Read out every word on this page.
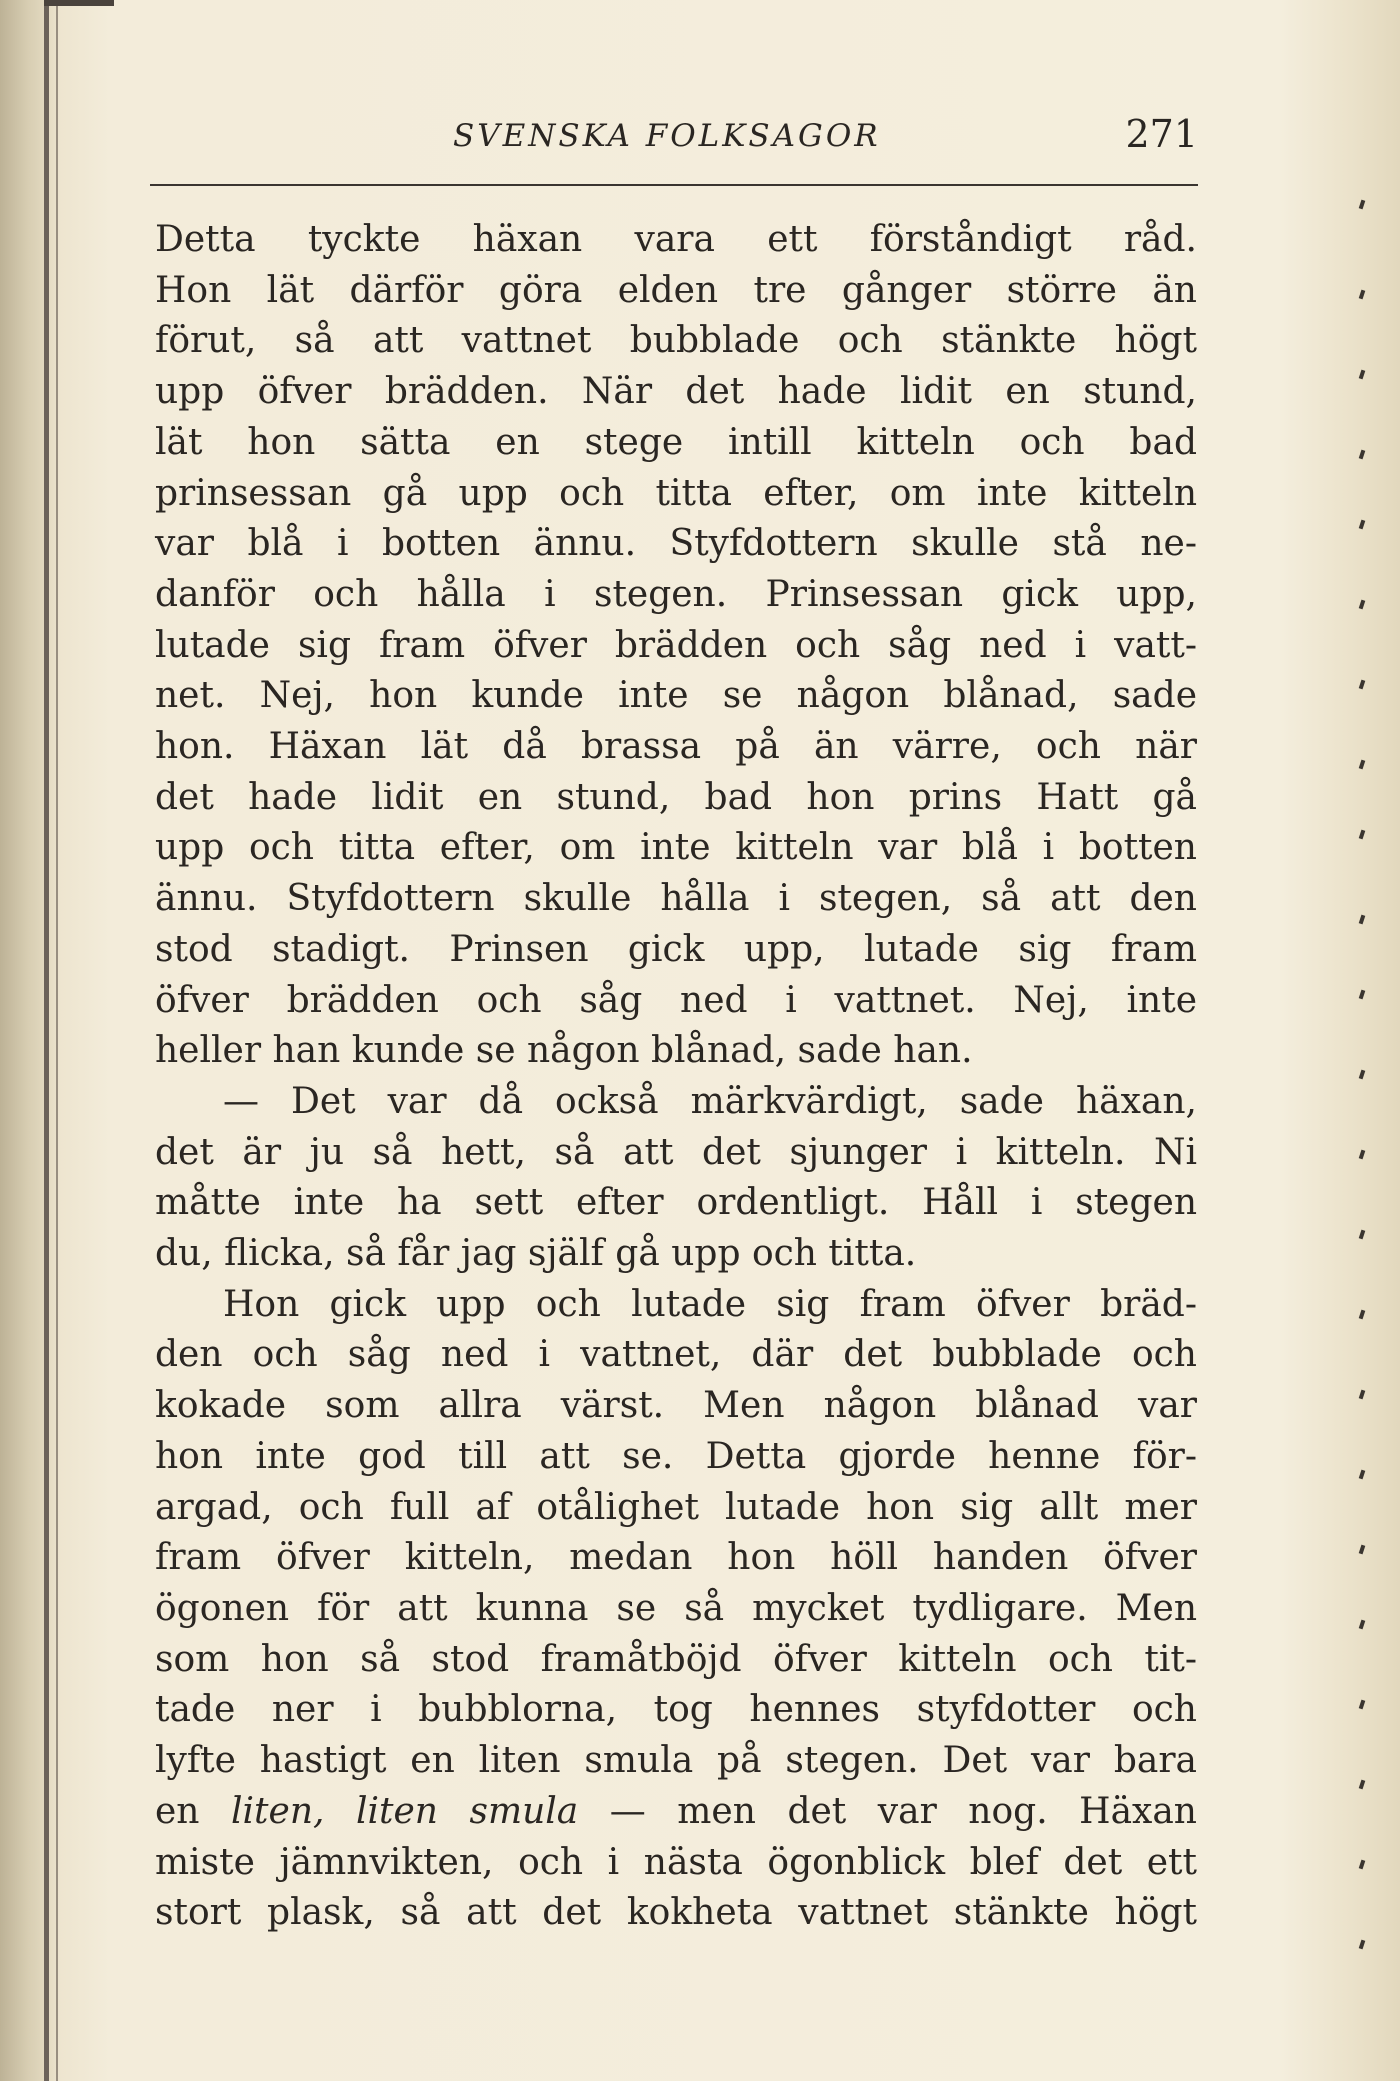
SVENSKA FOLKSAGOR	271
Detta tyckte häxan vara ett förståndigt råd.
Hon lät därför göra elden tre gånger större än
förut, så att vattnet bubblade och stänkte högt
upp öfver brädden. När det hade lidit en stund,
lät hon sätta en stege intill kitteln och bad
prinsessan gå upp och titta efter, om inte kitteln
var blå i botten ännu. Styfdottern skulle stå ne-
danför och hålla i stegen. Prinsessan gick upp,
lutade sig fram öfver brädden och såg ned i vatt-
net. Nej, hon kunde inte se någon blånad, sade
hon. Häxan lät då brassa på än värre, och när
det hade lidit en stund, bad hon prins Hatt gå
upp och titta efter, om inte kitteln var blå i botten
ännu. Styfdottern skulle hålla i stegen, så att den
stod stadigt. Prinsen gick upp, lutade sig fram
öfver brädden och såg ned i vattnet. Nej, inte
heller han kunde se någon blånad, sade han.
— Det var då också märkvärdigt, sade häxan,
det är ju så hett, så att det sjunger i kitteln. Ni
måtte inte ha sett efter ordentligt. Håll i stegen
du, flicka, så får jag själf gå upp och titta.
Hon gick upp och lutade sig fram öfver bräd-
den och såg ned i vattnet, där det bubblade och
kokade som allra värst. Men någon blånad var
hon inte god till att se. Detta gjorde henne för-
argad, och full af otålighet lutade hon sig allt mer
fram öfver kitteln, medan hon höll handen öfver
ögonen för att kunna se så mycket tydligare. Men
som hon så stod framåtböjd öfver kitteln och tit-
tade ner i bubblorna, tog hennes styfdotter och
lyfte hastigt en liten smula på stegen. Det var bara
en liten, liten smula — men det var nog. Häxan
miste jämnvikten, och i nästa ögonblick blef det ett
stort plask, så att det kokheta vattnet stänkte högt
